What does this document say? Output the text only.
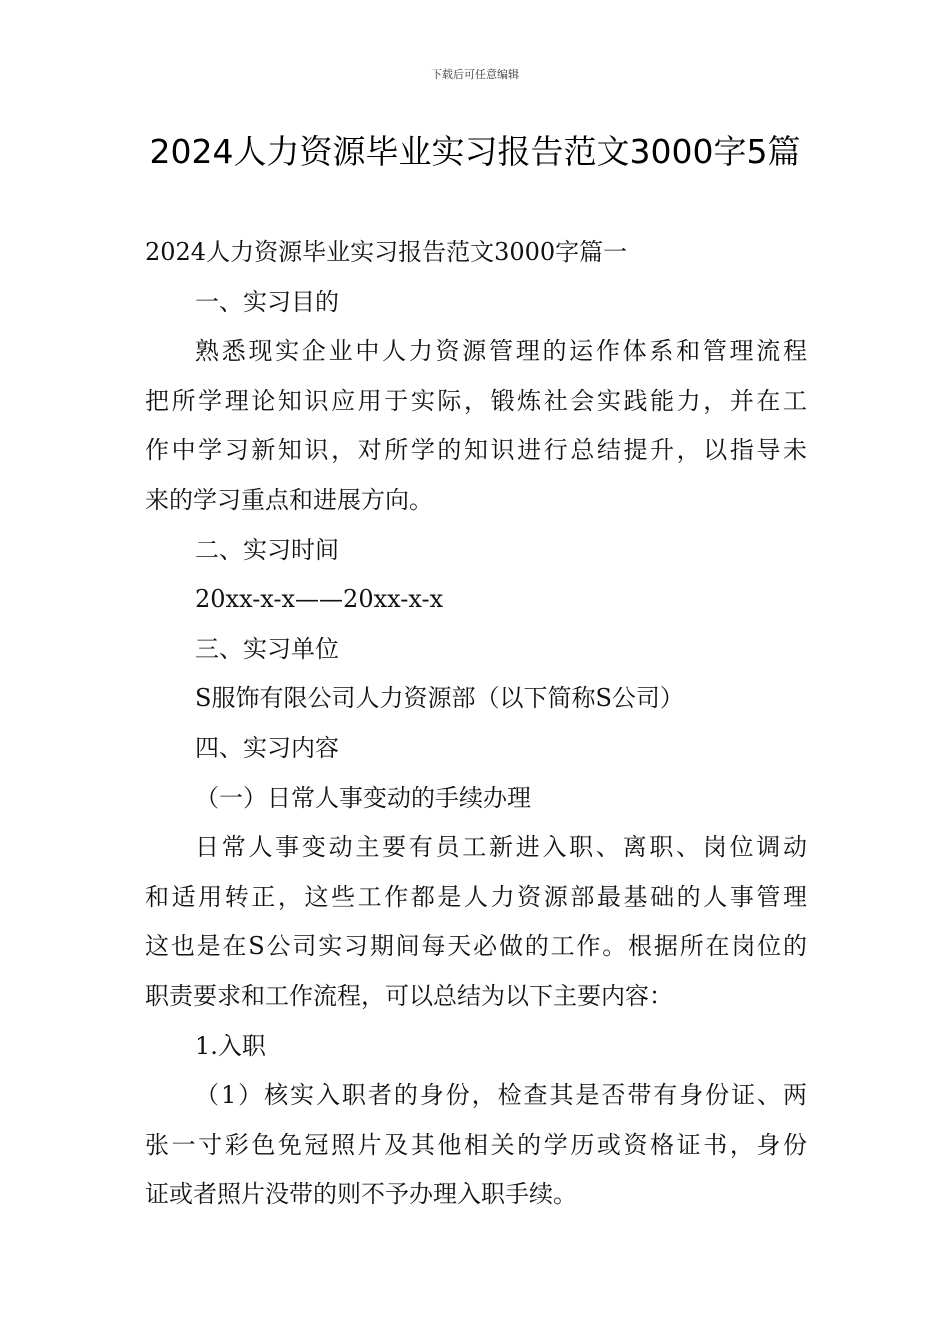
下载后可任意编辑
2024人力资源毕业实习报告范文3000字5篇
2024人力资源毕业实习报告范文3000字篇一
一、实习目的
熟悉现实企业中人力资源管理的运作体系和管理流程
把所学理论知识应用于实际，锻炼社会实践能力，并在工
作中学习新知识，对所学的知识进行总结提升，以指导未
来的学习重点和进展方向。
二、实习时间
20xx-x-x——20xx-x-x
三、实习单位
S服饰有限公司人力资源部（以下简称S公司）
四、实习内容
（一）日常人事变动的手续办理
日常人事变动主要有员工新进入职、离职、岗位调动
和适用转正，这些工作都是人力资源部最基础的人事管理
这也是在S公司实习期间每天必做的工作。根据所在岗位的
职责要求和工作流程，可以总结为以下主要内容：
1.入职
（1）核实入职者的身份，检查其是否带有身份证、两
张一寸彩色免冠照片及其他相关的学历或资格证书，身份
证或者照片没带的则不予办理入职手续。
